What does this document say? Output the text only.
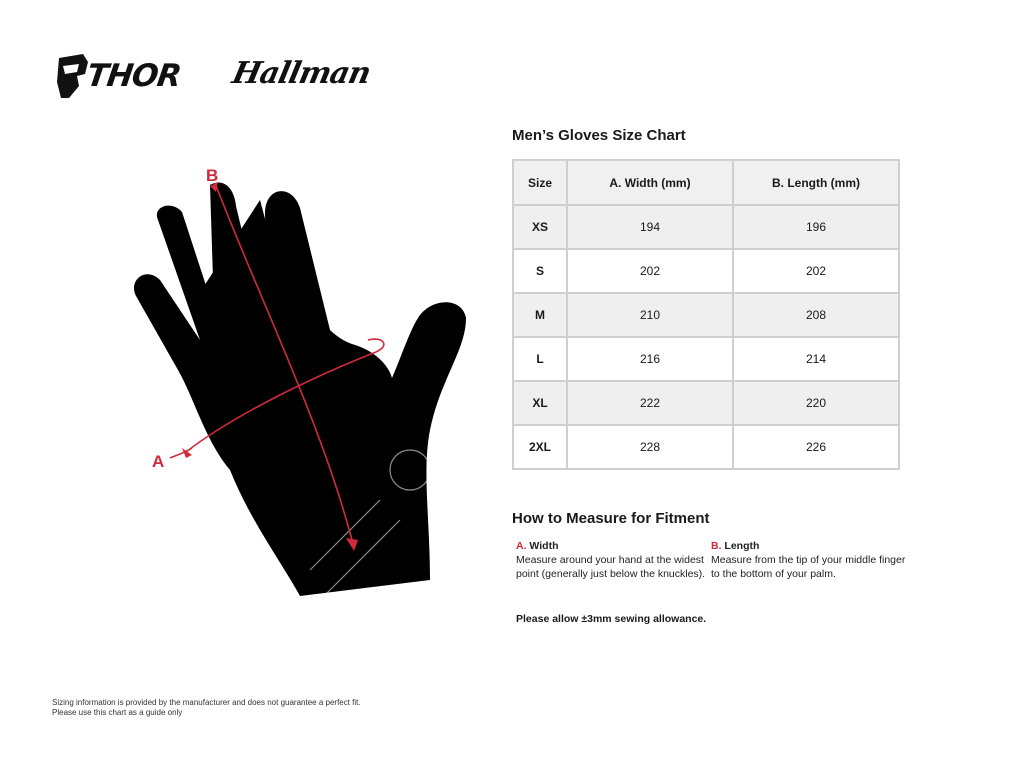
THOR Hallman
A
B
Men’s Gloves Size Chart
Size	A. Width (mm)	B. Length (mm)
XS	194	196
S	202	202
M	210	208
L	216	214
XL	222	220
2XL	228	226
How to Measure for Fitment
A. Width
Measure around your hand at the widest point (generally just below the knuckles).
B. Length
Measure from the tip of your middle finger to the bottom of your palm.
Please allow ±3mm sewing allowance.
Sizing information is provided by the manufacturer and does not guarantee a perfect fit.
Please use this chart as a guide only
